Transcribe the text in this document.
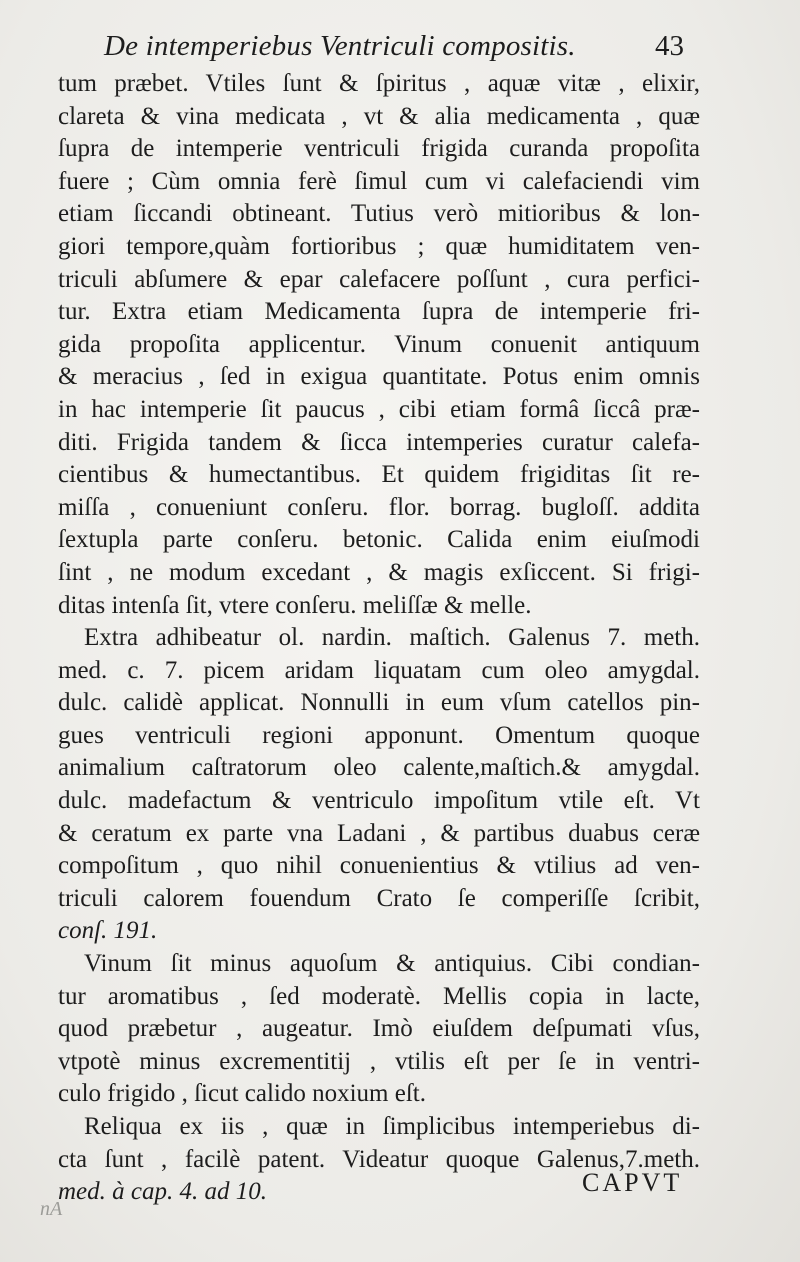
De intemperiebus Ventriculi compositis.	43
tum præbet. Vtiles ſunt & ſpiritus , aquæ vitæ , elixir,
clareta & vina medicata , vt & alia medicamenta , quæ
ſupra de intemperie ventriculi frigida curanda propoſita
fuere ; Cùm omnia ferè ſimul cum vi calefaciendi vim
etiam ſiccandi obtineant. Tutius verò mitioribus & lon-
giori tempore,quàm fortioribus ; quæ humiditatem ven-
triculi abſumere & epar calefacere poſſunt , cura perfici-
tur. Extra etiam Medicamenta ſupra de intemperie fri-
gida propoſita applicentur. Vinum conuenit antiquum
& meracius , ſed in exigua quantitate. Potus enim omnis
in hac intemperie ſit paucus , cibi etiam formâ ſiccâ præ-
diti. Frigida tandem & ſicca intemperies curatur calefa-
cientibus & humectantibus. Et quidem frigiditas ſit re-
miſſa , conueniunt conſeru. flor. borrag. bugloſſ. addita
ſextupla parte conſeru. betonic. Calida enim eiuſmodi
ſint , ne modum excedant , & magis exſiccent. Si frigi-
ditas intenſa ſit, vtere conſeru. meliſſæ & melle.
Extra adhibeatur ol. nardin. maſtich. Galenus 7. meth.
med. c. 7. picem aridam liquatam cum oleo amygdal.
dulc. calidè applicat. Nonnulli in eum vſum catellos pin-
gues ventriculi regioni apponunt. Omentum quoque
animalium caſtratorum oleo calente,maſtich.& amygdal.
dulc. madefactum & ventriculo impoſitum vtile eſt. Vt
& ceratum ex parte vna Ladani , & partibus duabus ceræ
compoſitum , quo nihil conuenientius & vtilius ad ven-
triculi calorem fouendum Crato ſe comperiſſe ſcribit,
conſ. 191.
Vinum ſit minus aquoſum & antiquius. Cibi condian-
tur aromatibus , ſed moderatè. Mellis copia in lacte,
quod præbetur , augeatur. Imò eiuſdem deſpumati vſus,
vtpotè minus excrementitij , vtilis eſt per ſe in ventri-
culo frigido , ſicut calido noxium eſt.
Reliqua ex iis , quæ in ſimplicibus intemperiebus di-
cta ſunt , facilè patent. Videatur quoque Galenus,7.meth.
med. à cap. 4. ad 10.	CAPVT
nA
